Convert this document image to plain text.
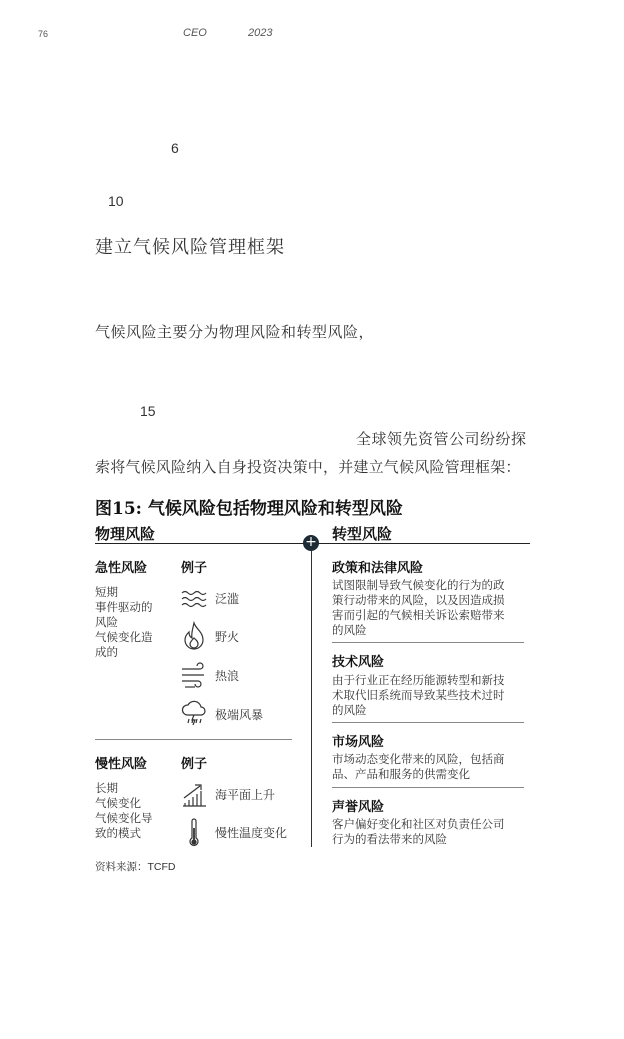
76	CEO	2023
6
10
15
建立气候风险管理框架
气候风险主要分为物理风险和转型风险，
全球领先资管公司纷纷探
索将气候风险纳入自身投资决策中，并建立气候风险管理框架：
图15: 气候风险包括物理风险和转型风险
物理风险	转型风险
+
急性风险	例子
短期
事件驱动的
风险
气候变化造
成的
泛滥
野火
热浪
极端风暴
慢性风险	例子
长期
气候变化
气候变化导
致的模式
海平面上升
慢性温度变化
政策和法律风险
试图限制导致气候变化的行为的政
策行动带来的风险，以及因造成损
害而引起的气候相关诉讼索赔带来
的风险
技术风险
由于行业正在经历能源转型和新技
术取代旧系统而导致某些技术过时
的风险
市场风险
市场动态变化带来的风险，包括商
品、产品和服务的供需变化
声誉风险
客户偏好变化和社区对负责任公司
行为的看法带来的风险
资料来源：TCFD
